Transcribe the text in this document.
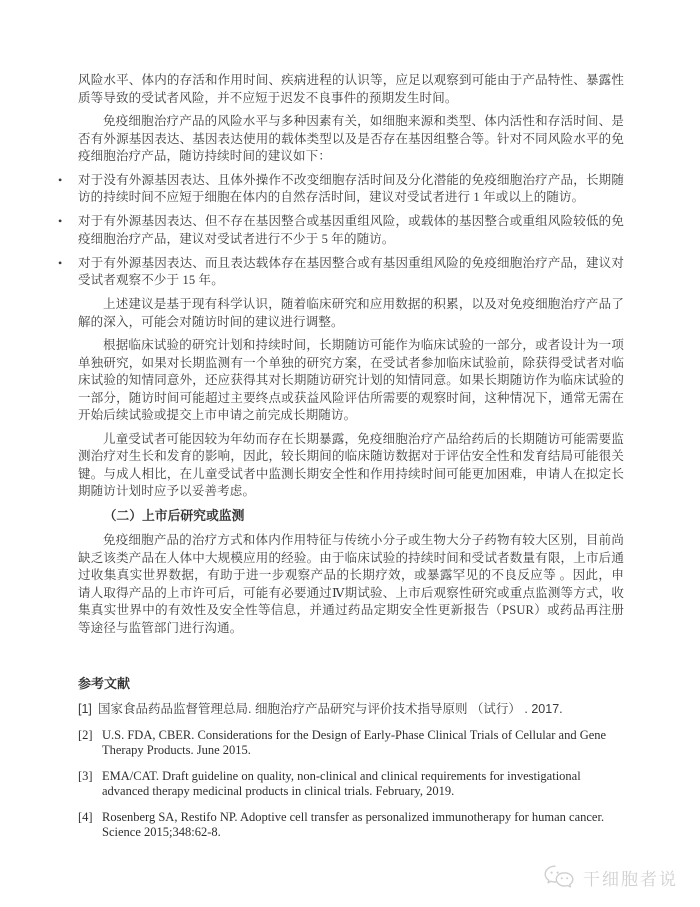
风险水平、体内的存活和作用时间、疾病进程的认识等，应足以观察到可能由于产品特性、暴露性质等导致的受试者风险，并不应短于迟发不良事件的预期发生时间。

免疫细胞治疗产品的风险水平与多种因素有关，如细胞来源和类型、体内活性和存活时间、是否有外源基因表达、基因表达使用的载体类型以及是否存在基因组整合等。针对不同风险水平的免疫细胞治疗产品，随访持续时间的建议如下：

•	对于没有外源基因表达、且体外操作不改变细胞存活时间及分化潜能的免疫细胞治疗产品，长期随访的持续时间不应短于细胞在体内的自然存活时间，建议对受试者进行 1 年或以上的随访。
•	对于有外源基因表达、但不存在基因整合或基因重组风险，或载体的基因整合或重组风险较低的免疫细胞治疗产品，建议对受试者进行不少于 5 年的随访。
•	对于有外源基因表达、而且表达载体存在基因整合或有基因重组风险的免疫细胞治疗产品，建议对受试者观察不少于 15 年。

上述建议是基于现有科学认识，随着临床研究和应用数据的积累，以及对免疫细胞治疗产品了解的深入，可能会对随访时间的建议进行调整。

根据临床试验的研究计划和持续时间，长期随访可能作为临床试验的一部分，或者设计为一项单独研究，如果对长期监测有一个单独的研究方案，在受试者参加临床试验前，除获得受试者对临床试验的知情同意外，还应获得其对长期随访研究计划的知情同意。如果长期随访作为临床试验的一部分，随访时间可能超过主要终点或获益风险评估所需要的观察时间，这种情况下，通常无需在开始后续试验或提交上市申请之前完成长期随访。

儿童受试者可能因较为年幼而存在长期暴露，免疫细胞治疗产品给药后的长期随访可能需要监测治疗对生长和发育的影响，因此，较长期间的临床随访数据对于评估安全性和发育结局可能很关键。与成人相比，在儿童受试者中监测长期安全性和作用持续时间可能更加困难，申请人在拟定长期随访计划时应予以妥善考虑。

（二）上市后研究或监测

免疫细胞产品的治疗方式和体内作用特征与传统小分子或生物大分子药物有较大区别，目前尚缺乏该类产品在人体中大规模应用的经验。由于临床试验的持续时间和受试者数量有限，上市后通过收集真实世界数据，有助于进一步观察产品的长期疗效，或暴露罕见的不良反应等 。因此，申请人取得产品的上市许可后，可能有必要通过Ⅳ期试验、上市后观察性研究或重点监测等方式，收集真实世界中的有效性及安全性等信息，并通过药品定期安全性更新报告（PSUR）或药品再注册等途径与监管部门进行沟通。

参考文献
[1] 国家食品药品监督管理总局. 细胞治疗产品研究与评价技术指导原则 （试行） . 2017.
[2] U.S. FDA, CBER. Considerations for the Design of Early-Phase Clinical Trials of Cellular and Gene Therapy Products. June 2015.
[3] EMA/CAT. Draft guideline on quality, non-clinical and clinical requirements for investigational advanced therapy medicinal products in clinical trials. February, 2019.
[4] Rosenberg SA, Restifo NP. Adoptive cell transfer as personalized immunotherapy for human cancer. Science 2015;348:62-8.
干细胞者说
